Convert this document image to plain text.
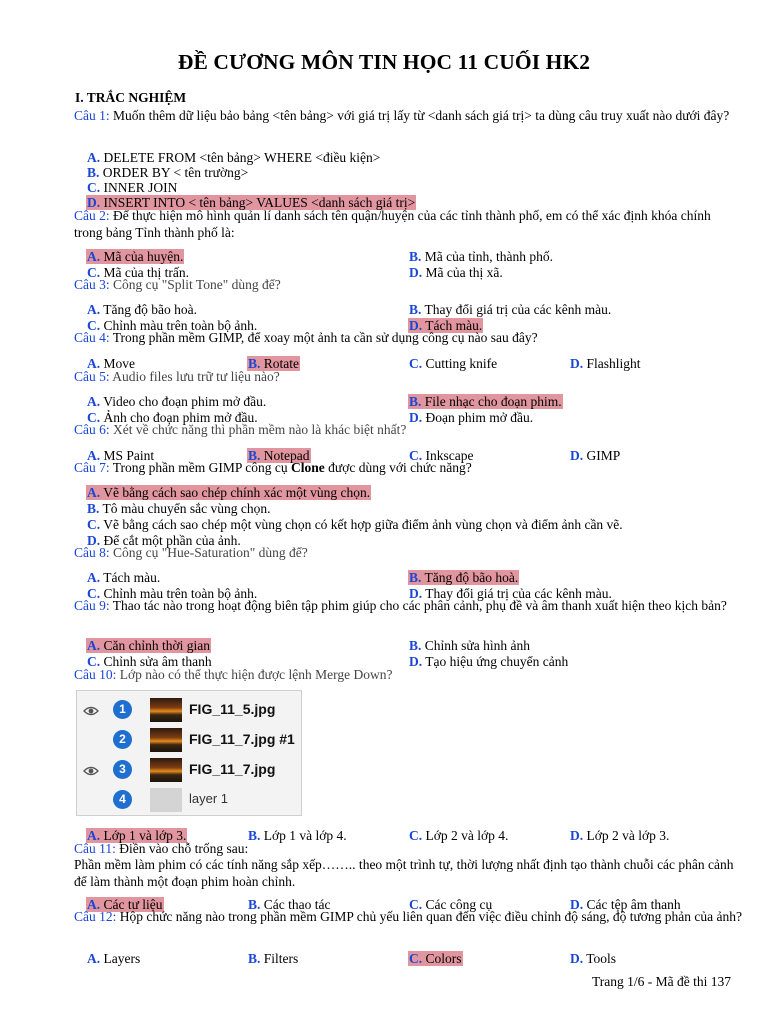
ĐỀ CƯƠNG MÔN TIN HỌC 11 CUỐI HK2
I. TRẮC NGHIỆM
Câu 1: Muốn thêm dữ liệu bảo bảng <tên bảng> với giá trị lấy từ <danh sách giá trị> ta dùng câu truy xuất nào dưới đây?
A. DELETE FROM <tên bảng> WHERE <điều kiện>
B. ORDER BY < tên trường>
C. INNER JOIN
D. INSERT INTO < tên bảng> VALUES <danh sách giá trị>
Câu 2: Để thực hiện mô hình quản lí danh sách tên quận/huyện của các tỉnh thành phố, em có thể xác định khóa chính trong bảng Tỉnh thành phố là:
A. Mã của huyện.	B. Mã của tỉnh, thành phố.
C. Mã của thị trấn.	D. Mã của thị xã.
Câu 3: Công cụ "Split Tone" dùng để?
A. Tăng độ bão hoà.	B. Thay đổi giá trị của các kênh màu.
C. Chỉnh màu trên toàn bộ ảnh.	D. Tách màu.
Câu 4: Trong phần mềm GIMP, để xoay một ảnh ta cần sử dụng công cụ nào sau đây?
A. Move	B. Rotate	C. Cutting knife	D. Flashlight
Câu 5: Audio files lưu trữ tư liệu nào?
A. Video cho đoạn phim mở đầu.	B. File nhạc cho đoạn phim.
C. Ảnh cho đoạn phim mở đầu.	D. Đoạn phim mở đầu.
Câu 6: Xét về chức năng thì phần mềm nào là khác biệt nhất?
A. MS Paint	B. Notepad	C. Inkscape	D. GIMP
Câu 7: Trong phần mềm GIMP công cụ Clone được dùng với chức năng?
A. Vẽ bằng cách sao chép chính xác một vùng chọn.
B. Tô màu chuyển sắc vùng chọn.
C. Vẽ bằng cách sao chép một vùng chọn có kết hợp giữa điểm ảnh vùng chọn và điểm ảnh cần vẽ.
D. Để cắt một phần của ảnh.
Câu 8: Công cụ "Hue-Saturation" dùng để?
A. Tách màu.	B. Tăng độ bão hoà.
C. Chỉnh màu trên toàn bộ ảnh.	D. Thay đổi giá trị của các kênh màu.
Câu 9: Thao tác nào trong hoạt động biên tập phim giúp cho các phân cảnh, phụ đề và âm thanh xuất hiện theo kịch bản?
A. Căn chỉnh thời gian	B. Chỉnh sửa hình ảnh
C. Chỉnh sửa âm thanh	D. Tạo hiệu ứng chuyển cảnh
Câu 10: Lớp nào có thể thực hiện được lệnh Merge Down?
A. Lớp 1 và lớp 3.	B. Lớp 1 và lớp 4.	C. Lớp 2 và lớp 4.	D. Lớp 2 và lớp 3.
Câu 11: Điền vào chỗ trống sau:
Phần mềm làm phim có các tính năng sắp xếp…….. theo một trình tự, thời lượng nhất định tạo thành chuỗi các phân cảnh để làm thành một đoạn phim hoàn chỉnh.
A. Các tư liệu	B. Các thao tác	C. Các công cụ	D. Các tệp âm thanh
Câu 12: Hộp chức năng nào trong phần mềm GIMP chủ yếu liên quan đến việc điều chỉnh độ sáng, độ tương phản của ảnh?
A. Layers	B. Filters	C. Colors	D. Tools
1	FIG_11_5.jpg
2	FIG_11_7.jpg #1
3	FIG_11_7.jpg
4	layer 1
Trang 1/6 - Mã đề thi 137
